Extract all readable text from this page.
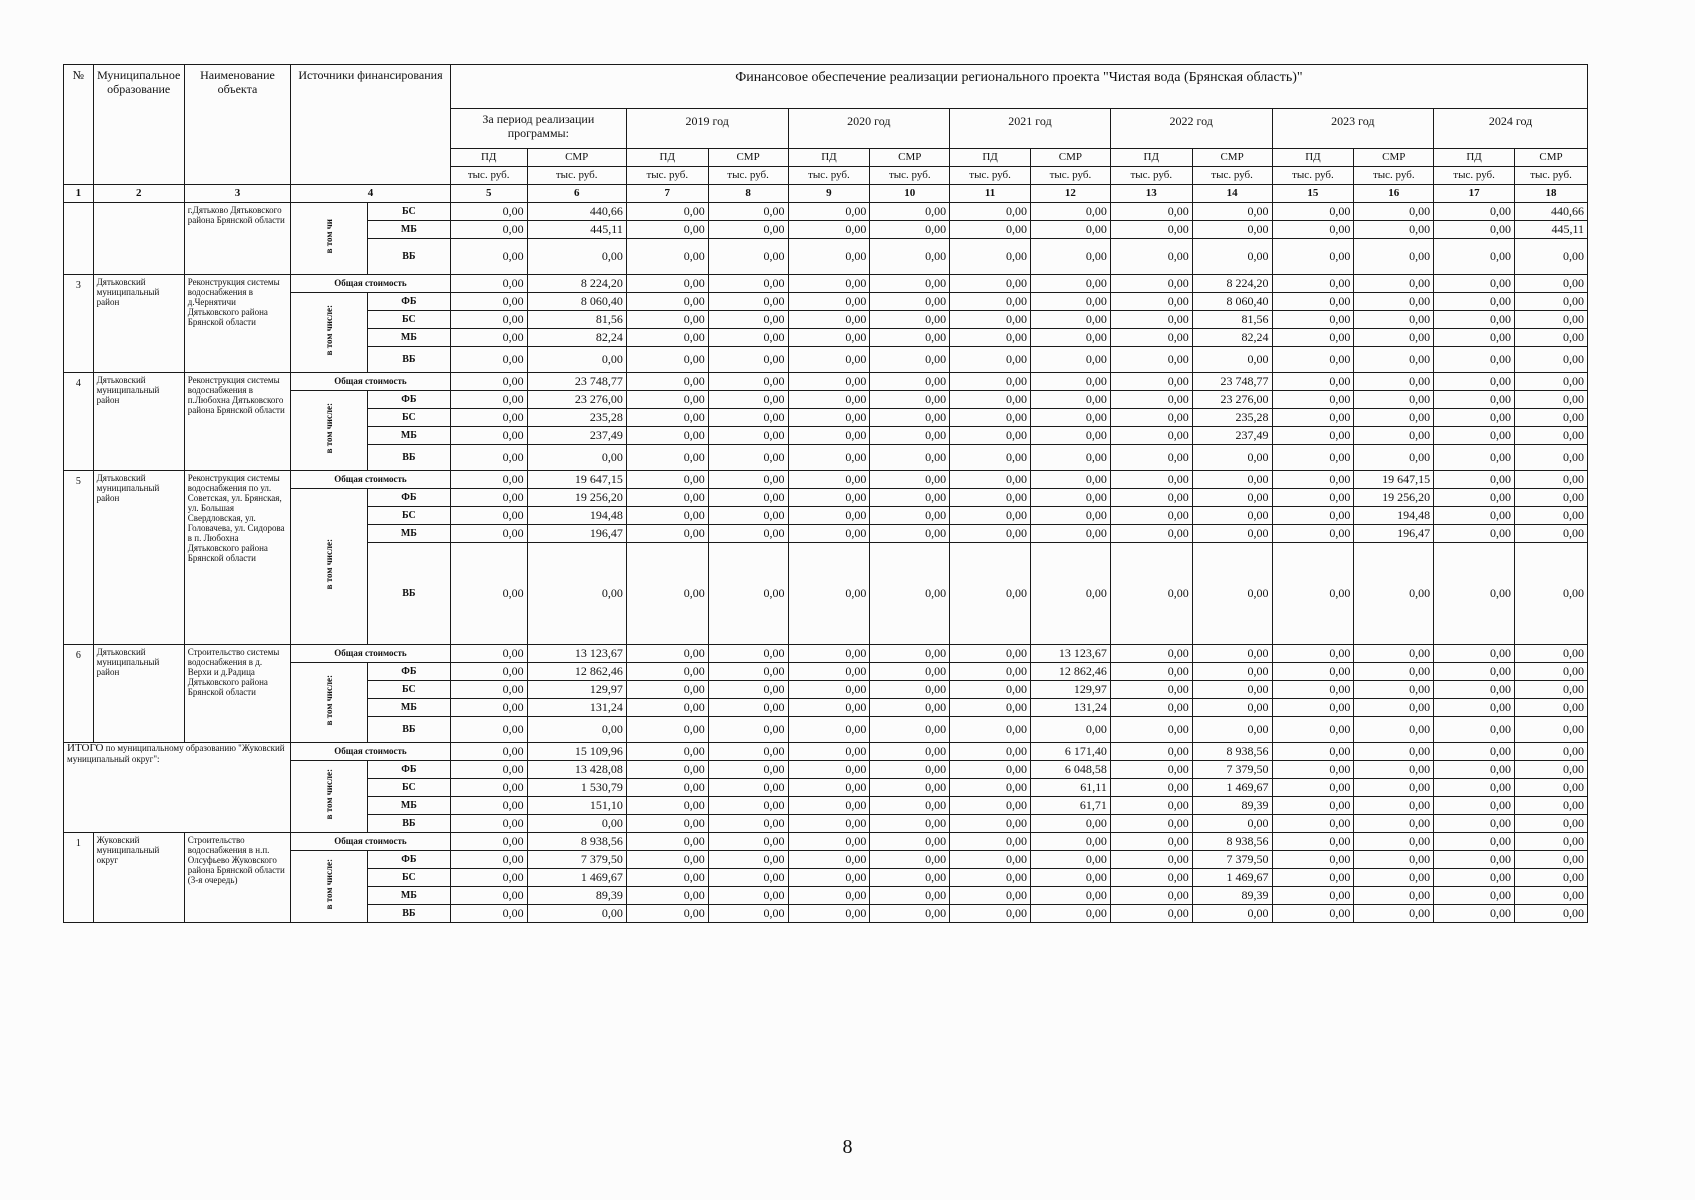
№	Муниципальное образование	Наименование объекта	Источники финансирования		Финансовое обеспечение реализации регионального проекта "Чистая вода (Брянская область)"													
					За период реализации программы:		2019 год		2020 год		2021 год		2022 год		2023 год		2024 год	
					ПД	СМР	ПД	СМР	ПД	СМР	ПД	СМР	ПД	СМР	ПД	СМР	ПД	СМР
					тыс. руб.	тыс. руб.	тыс. руб.	тыс. руб.	тыс. руб.	тыс. руб.	тыс. руб.	тыс. руб.	тыс. руб.	тыс. руб.	тыс. руб.	тыс. руб.	тыс. руб.	тыс. руб.
1	2	3	4		5	6	7	8	9	10	11	12	13	14	15	16	17	18
		г.Дятьково Дятьковского района Брянской области	в том чи	БС	0,00	440,66	0,00	0,00	0,00	0,00	0,00	0,00	0,00	0,00	0,00	0,00	0,00	440,66
				МБ	0,00	445,11	0,00	0,00	0,00	0,00	0,00	0,00	0,00	0,00	0,00	0,00	0,00	445,11
				ВБ	0,00	0,00	0,00	0,00	0,00	0,00	0,00	0,00	0,00	0,00	0,00	0,00	0,00	0,00
3	Дятьковский муниципальный район	Реконструкция системы водоснабжения в д.Чернятичи Дятьковского района Брянской области	Общая стоимость		0,00	8 224,20	0,00	0,00	0,00	0,00	0,00	0,00	0,00	8 224,20	0,00	0,00	0,00	0,00
			в том числе:	ФБ	0,00	8 060,40	0,00	0,00	0,00	0,00	0,00	0,00	0,00	8 060,40	0,00	0,00	0,00	0,00
				БС	0,00	81,56	0,00	0,00	0,00	0,00	0,00	0,00	0,00	81,56	0,00	0,00	0,00	0,00
				МБ	0,00	82,24	0,00	0,00	0,00	0,00	0,00	0,00	0,00	82,24	0,00	0,00	0,00	0,00
				ВБ	0,00	0,00	0,00	0,00	0,00	0,00	0,00	0,00	0,00	0,00	0,00	0,00	0,00	0,00
4	Дятьковский муниципальный район	Реконструкция системы водоснабжения в п.Любохна Дятьковского района Брянской области	Общая стоимость		0,00	23 748,77	0,00	0,00	0,00	0,00	0,00	0,00	0,00	23 748,77	0,00	0,00	0,00	0,00
			в том числе:	ФБ	0,00	23 276,00	0,00	0,00	0,00	0,00	0,00	0,00	0,00	23 276,00	0,00	0,00	0,00	0,00
				БС	0,00	235,28	0,00	0,00	0,00	0,00	0,00	0,00	0,00	235,28	0,00	0,00	0,00	0,00
				МБ	0,00	237,49	0,00	0,00	0,00	0,00	0,00	0,00	0,00	237,49	0,00	0,00	0,00	0,00
				ВБ	0,00	0,00	0,00	0,00	0,00	0,00	0,00	0,00	0,00	0,00	0,00	0,00	0,00	0,00
5	Дятьковский муниципальный район	Реконструкция системы водоснабжения по ул. Советская, ул. Брянская, ул. Большая Свердловская, ул. Головачева, ул. Сидорова в п. Любохна Дятьковского района Брянской области	Общая стоимость		0,00	19 647,15	0,00	0,00	0,00	0,00	0,00	0,00	0,00	0,00	0,00	19 647,15	0,00	0,00
			в том числе:	ФБ	0,00	19 256,20	0,00	0,00	0,00	0,00	0,00	0,00	0,00	0,00	0,00	19 256,20	0,00	0,00
				БС	0,00	194,48	0,00	0,00	0,00	0,00	0,00	0,00	0,00	0,00	0,00	194,48	0,00	0,00
				МБ	0,00	196,47	0,00	0,00	0,00	0,00	0,00	0,00	0,00	0,00	0,00	196,47	0,00	0,00
				ВБ	0,00	0,00	0,00	0,00	0,00	0,00	0,00	0,00	0,00	0,00	0,00	0,00	0,00	0,00
6	Дятьковский муниципальный район	Строительство системы водоснабжения в д. Верхи и д.Радица Дятьковского района Брянской области	Общая стоимость		0,00	13 123,67	0,00	0,00	0,00	0,00	0,00	13 123,67	0,00	0,00	0,00	0,00	0,00	0,00
			в том числе:	ФБ	0,00	12 862,46	0,00	0,00	0,00	0,00	0,00	12 862,46	0,00	0,00	0,00	0,00	0,00	0,00
				БС	0,00	129,97	0,00	0,00	0,00	0,00	0,00	129,97	0,00	0,00	0,00	0,00	0,00	0,00
				МБ	0,00	131,24	0,00	0,00	0,00	0,00	0,00	131,24	0,00	0,00	0,00	0,00	0,00	0,00
				ВБ	0,00	0,00	0,00	0,00	0,00	0,00	0,00	0,00	0,00	0,00	0,00	0,00	0,00	0,00
ИТОГО по муниципальному образованию "Жуковский муниципальный округ":			Общая стоимость		0,00	15 109,96	0,00	0,00	0,00	0,00	0,00	6 171,40	0,00	8 938,56	0,00	0,00	0,00	0,00
			в том числе:	ФБ	0,00	13 428,08	0,00	0,00	0,00	0,00	0,00	6 048,58	0,00	7 379,50	0,00	0,00	0,00	0,00
				БС	0,00	1 530,79	0,00	0,00	0,00	0,00	0,00	61,11	0,00	1 469,67	0,00	0,00	0,00	0,00
				МБ	0,00	151,10	0,00	0,00	0,00	0,00	0,00	61,71	0,00	89,39	0,00	0,00	0,00	0,00
				ВБ	0,00	0,00	0,00	0,00	0,00	0,00	0,00	0,00	0,00	0,00	0,00	0,00	0,00	0,00
1	Жуковский муниципальный округ	Строительство водоснабжения в н.п. Олсуфьево Жуковского района Брянской области (3-я очередь)	Общая стоимость		0,00	8 938,56	0,00	0,00	0,00	0,00	0,00	0,00	0,00	8 938,56	0,00	0,00	0,00	0,00
			в том числе:	ФБ	0,00	7 379,50	0,00	0,00	0,00	0,00	0,00	0,00	0,00	7 379,50	0,00	0,00	0,00	0,00
				БС	0,00	1 469,67	0,00	0,00	0,00	0,00	0,00	0,00	0,00	1 469,67	0,00	0,00	0,00	0,00
				МБ	0,00	89,39	0,00	0,00	0,00	0,00	0,00	0,00	0,00	89,39	0,00	0,00	0,00	0,00
				ВБ	0,00	0,00	0,00	0,00	0,00	0,00	0,00	0,00	0,00	0,00	0,00	0,00	0,00	0,00
8
